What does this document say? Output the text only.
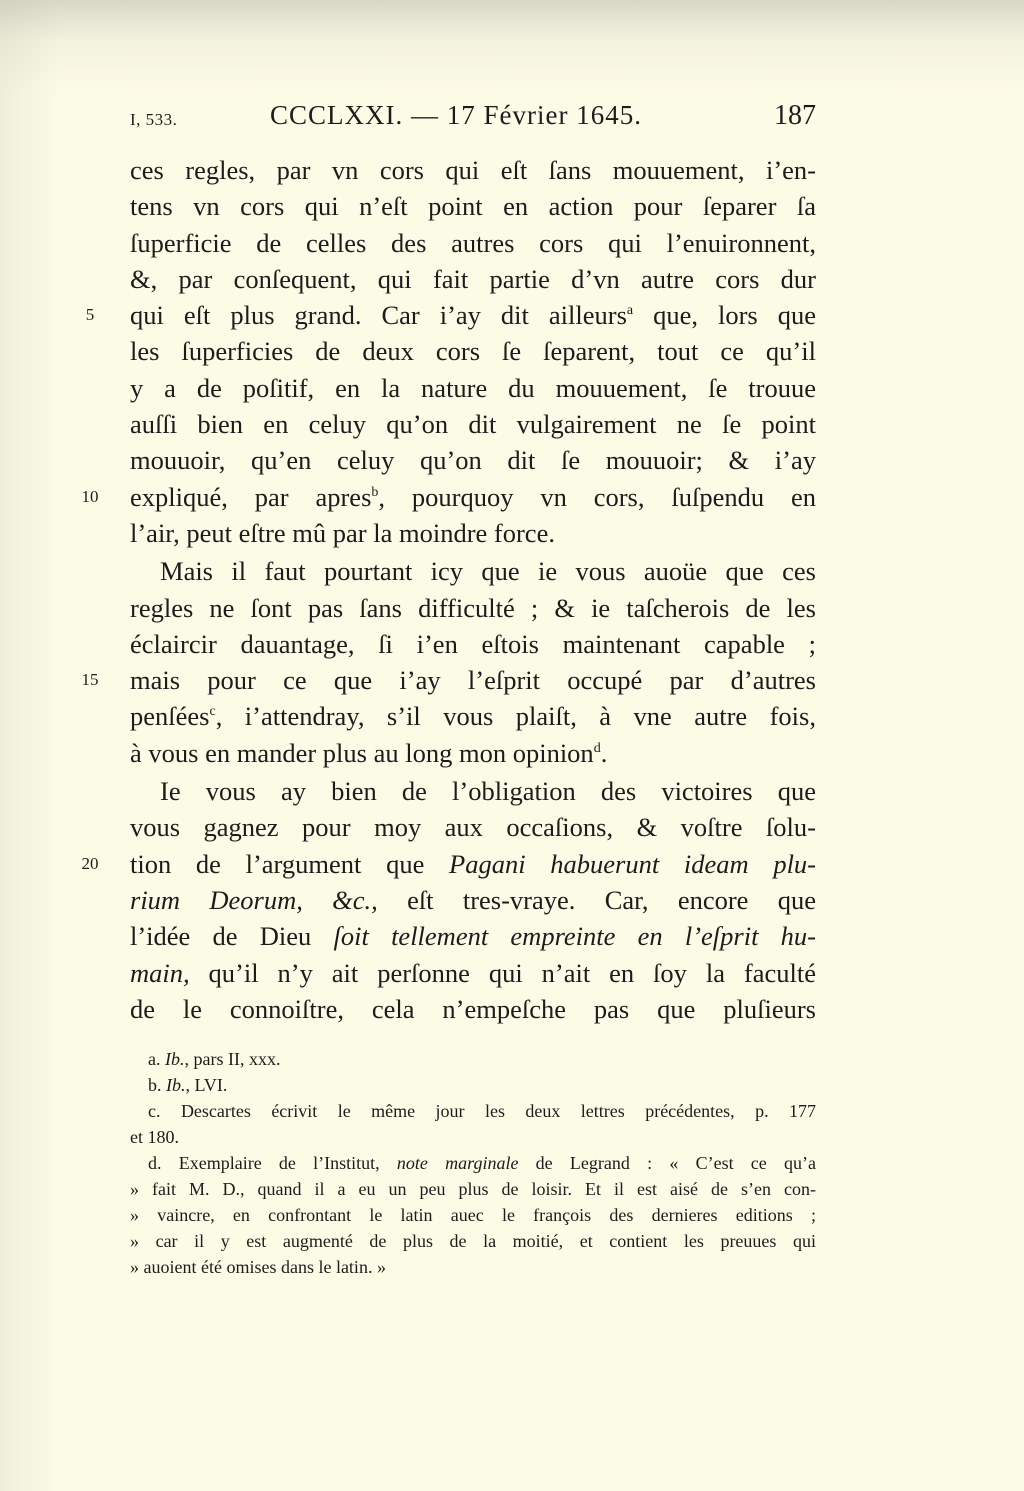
I, 533.	CCCLXXI. — 17 Février 1645.	187
ces regles, par vn cors qui eſt ſans mouuement, i’en-
tens vn cors qui n’eſt point en action pour ſeparer ſa
ſuperficie de celles des autres cors qui l’enuironnent,
&, par conſequent, qui fait partie d’vn autre cors dur
5 qui eſt plus grand. Car i’ay dit ailleurs$^a$ que, lors que
les ſuperficies de deux cors ſe ſeparent, tout ce qu’il
y a de poſitif, en la nature du mouuement, ſe trouue
auſſi bien en celuy qu’on dit vulgairement ne ſe point
mouuoir, qu’en celuy qu’on dit ſe mouuoir; & i’ay
10 expliqué, par apres$^b$, pourquoy vn cors, ſuſpendu en
l’air, peut eſtre mû par la moindre force.
Mais il faut pourtant icy que ie vous auoüe que ces
regles ne ſont pas ſans difficulté ; & ie taſcherois de les
éclaircir dauantage, ſi i’en eſtois maintenant capable ;
15 mais pour ce que i’ay l’eſprit occupé par d’autres
penſées$^c$, i’attendray, s’il vous plaiſt, à vne autre fois,
à vous en mander plus au long mon opinion$^d$.
Ie vous ay bien de l’obligation des victoires que
vous gagnez pour moy aux occaſions, & voſtre ſolu-
20 tion de l’argument que Pagani habuerunt ideam plu-
rium Deorum, &c., eſt tres-vraye. Car, encore que
l’idée de Dieu ſoit tellement empreinte en l’eſprit hu-
main, qu’il n’y ait perſonne qui n’ait en ſoy la faculté
de le connoiſtre, cela n’empeſche pas que pluſieurs
a. Ib., pars II, xxx.
b. Ib., LVI.
c. Descartes écrivit le même jour les deux lettres précédentes, p. 177
et 180.
d. Exemplaire de l’Institut, note marginale de Legrand : « C’est ce qu’a
» fait M. D., quand il a eu un peu plus de loisir. Et il est aisé de s’en con-
» vaincre, en confrontant le latin auec le françois des dernieres editions ;
» car il y est augmenté de plus de la moitié, et contient les preuues qui
» auoient été omises dans le latin. »
